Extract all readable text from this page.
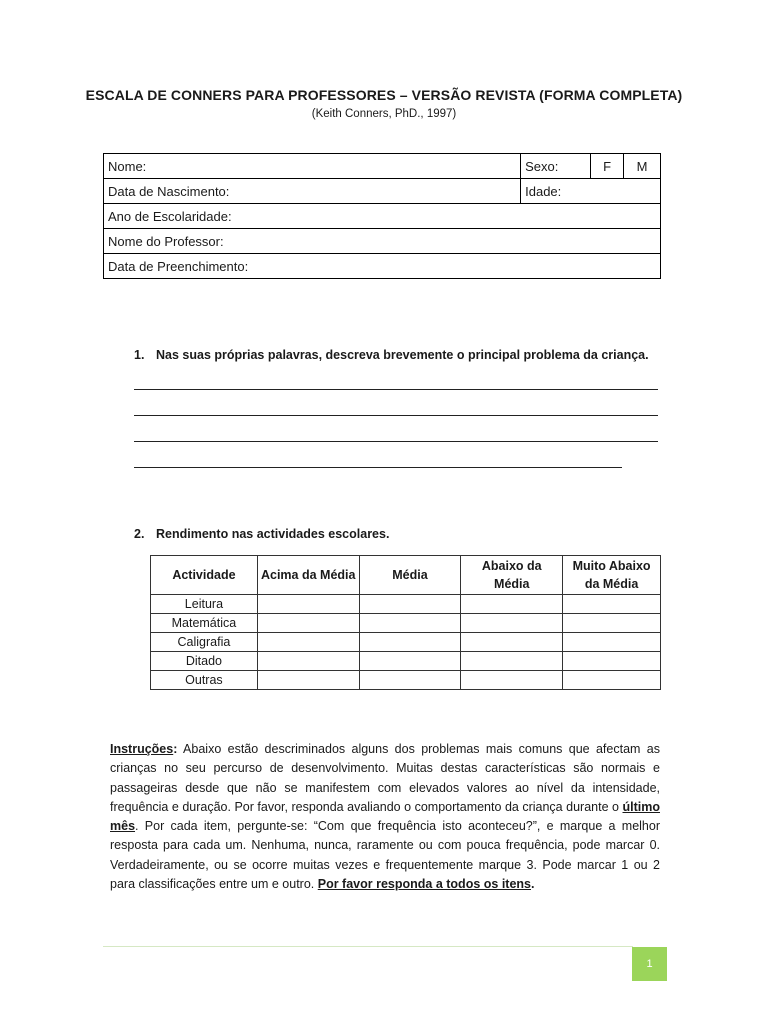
ESCALA DE CONNERS PARA PROFESSORES – VERSÃO REVISTA (FORMA COMPLETA)
(Keith Conners, PhD., 1997)
Nome:	Sexo:		F	M
Data de Nascimento:	Idade:			
Ano de Escolaridade:				
Nome do Professor:				
Data de Preenchimento:				
1. Nas suas próprias palavras, descreva brevemente o principal problema da criança.
2. Rendimento nas actividades escolares.
Actividade	Acima da Média	Média	Abaixo da Média	Muito Abaixo da Média
Leitura				
Matemática				
Caligrafia				
Ditado				
Outras				
Instruções: Abaixo estão descriminados alguns dos problemas mais comuns que afectam as crianças no seu percurso de desenvolvimento. Muitas destas características são normais e passageiras desde que não se manifestem com elevados valores ao nível da intensidade, frequência e duração. Por favor, responda avaliando o comportamento da criança durante o último mês. Por cada item, pergunte-se: “Com que frequência isto aconteceu?”, e marque a melhor resposta para cada um. Nenhuma, nunca, raramente ou com pouca frequência, pode marcar 0. Verdadeiramente, ou se ocorre muitas vezes e frequentemente marque 3. Pode marcar 1 ou 2 para classificações entre um e outro. Por favor responda a todos os itens.
1
